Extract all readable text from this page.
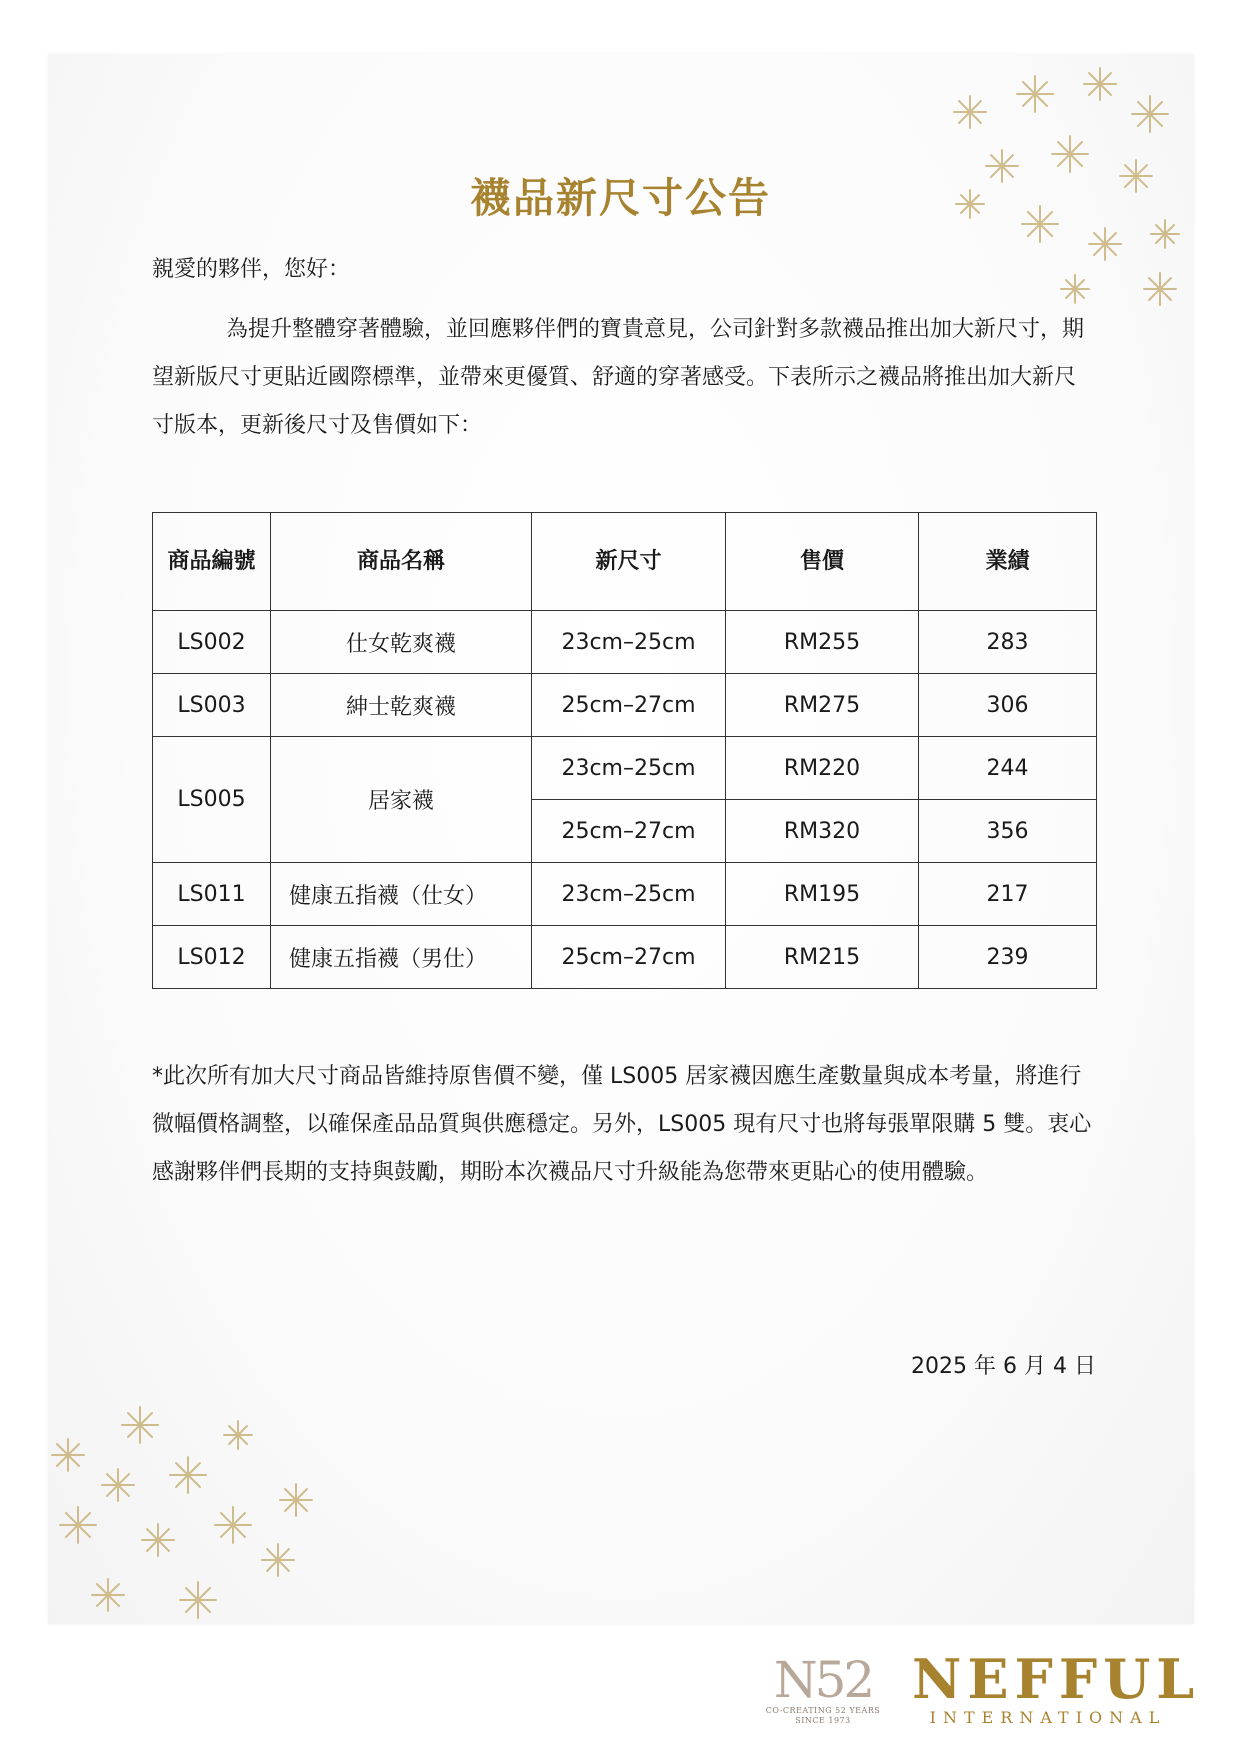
襪品新尺寸公告
親愛的夥伴，您好：
為提升整體穿著體驗，並回應夥伴們的寶貴意見，公司針對多款襪品推出加大新尺寸，期望新版尺寸更貼近國際標準，並帶來更優質、舒適的穿著感受。下表所示之襪品將推出加大新尺寸版本，更新後尺寸及售價如下：
商品編號	商品名稱	新尺寸	售價	業績
LS002	仕女乾爽襪	23cm–25cm	RM255	283
LS003	紳士乾爽襪	25cm–27cm	RM275	306
LS005	居家襪	23cm–25cm	RM220	244
		25cm–27cm	RM320	356
LS011	健康五指襪（仕女）	23cm–25cm	RM195	217
LS012	健康五指襪（男仕）	25cm–27cm	RM215	239
*此次所有加大尺寸商品皆維持原售價不變，僅 LS005 居家襪因應生產數量與成本考量，將進行微幅價格調整，以確保產品品質與供應穩定。另外，LS005 現有尺寸也將每張單限購 5 雙。衷心感謝夥伴們長期的支持與鼓勵，期盼本次襪品尺寸升級能為您帶來更貼心的使用體驗。
2025 年 6 月 4 日
N52
CO-CREATING 52 YEARS
SINCE 1973
NEFFUL
INTERNATIONAL
